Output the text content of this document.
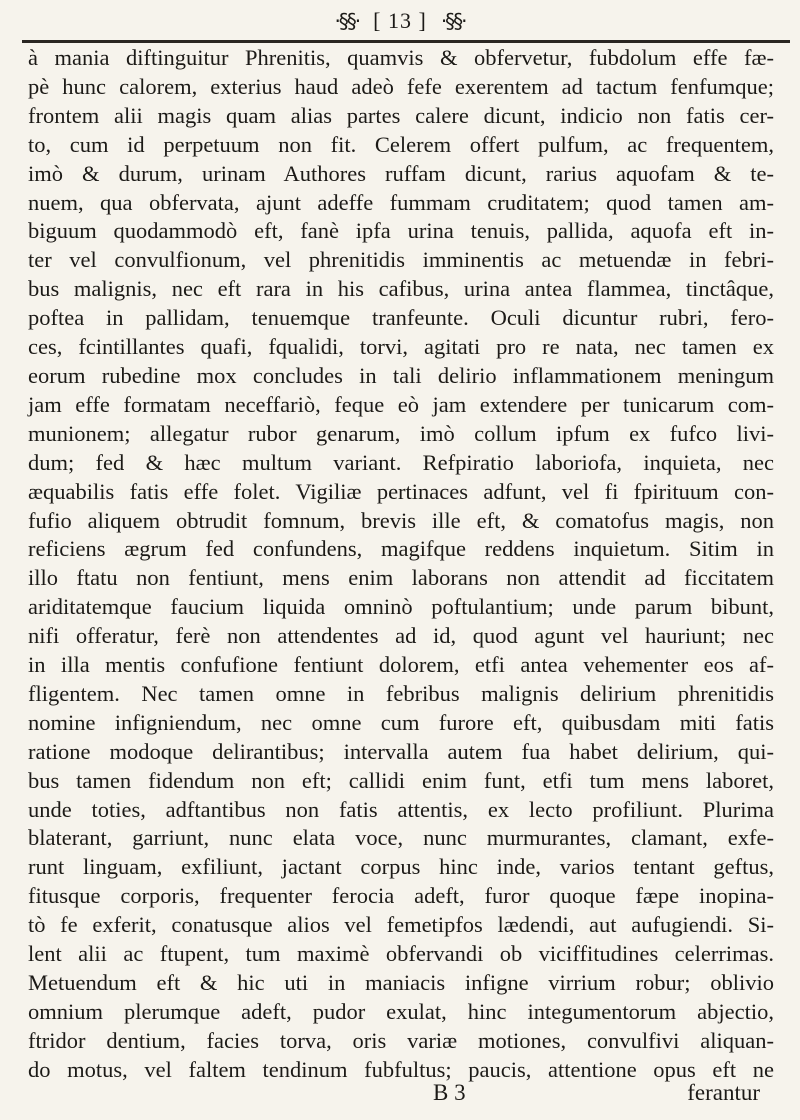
·§§· [ 13 ] ·§§·
à mania diftinguitur Phrenitis, quamvis & obfervetur, fubdolum effe fæ-
pè hunc calorem, exterius haud adeò fefe exerentem ad tactum fenfumque;
frontem alii magis quam alias partes calere dicunt, indicio non fatis cer-
to, cum id perpetuum non fit. Celerem offert pulfum, ac frequentem,
imò & durum, urinam Authores ruffam dicunt, rarius aquofam & te-
nuem, qua obfervata, ajunt adeffe fummam cruditatem; quod tamen am-
biguum quodammodò eft, fanè ipfa urina tenuis, pallida, aquofa eft in-
ter vel convulfionum, vel phrenitidis imminentis ac metuendæ in febri-
bus malignis, nec eft rara in his cafibus, urina antea flammea, tinctâque,
poftea in pallidam, tenuemque tranfeunte. Oculi dicuntur rubri, fero-
ces, fcintillantes quafi, fqualidi, torvi, agitati pro re nata, nec tamen ex
eorum rubedine mox concludes in tali delirio inflammationem meningum
jam effe formatam neceffariò, feque eò jam extendere per tunicarum com-
munionem; allegatur rubor genarum, imò collum ipfum ex fufco livi-
dum; fed & hæc multum variant. Refpiratio laboriofa, inquieta, nec
æquabilis fatis effe folet. Vigiliæ pertinaces adfunt, vel fi fpirituum con-
fufio aliquem obtrudit fomnum, brevis ille eft, & comatofus magis, non
reficiens ægrum fed confundens, magifque reddens inquietum. Sitim in
illo ftatu non fentiunt, mens enim laborans non attendit ad ficcitatem
ariditatemque faucium liquida omninò poftulantium; unde parum bibunt,
nifi offeratur, ferè non attendentes ad id, quod agunt vel hauriunt; nec
in illa mentis confufione fentiunt dolorem, etfi antea vehementer eos af-
fligentem. Nec tamen omne in febribus malignis delirium phrenitidis
nomine infigniendum, nec omne cum furore eft, quibusdam miti fatis
ratione modoque delirantibus; intervalla autem fua habet delirium, qui-
bus tamen fidendum non eft; callidi enim funt, etfi tum mens laboret,
unde toties, adftantibus non fatis attentis, ex lecto profiliunt. Plurima
blaterant, garriunt, nunc elata voce, nunc murmurantes, clamant, exfe-
runt linguam, exfiliunt, jactant corpus hinc inde, varios tentant geftus,
fitusque corporis, frequenter ferocia adeft, furor quoque fæpe inopina-
tò fe exferit, conatusque alios vel femetipfos lædendi, aut aufugiendi. Si-
lent alii ac ftupent, tum maximè obfervandi ob viciffitudines celerrimas.
Metuendum eft & hic uti in maniacis infigne virrium robur; oblivio
omnium plerumque adeft, pudor exulat, hinc integumentorum abjectio,
ftridor dentium, facies torva, oris variæ motiones, convulfivi aliquan-
do motus, vel faltem tendinum fubfultus; paucis, attentione opus eft ne
B 3	ferantur
